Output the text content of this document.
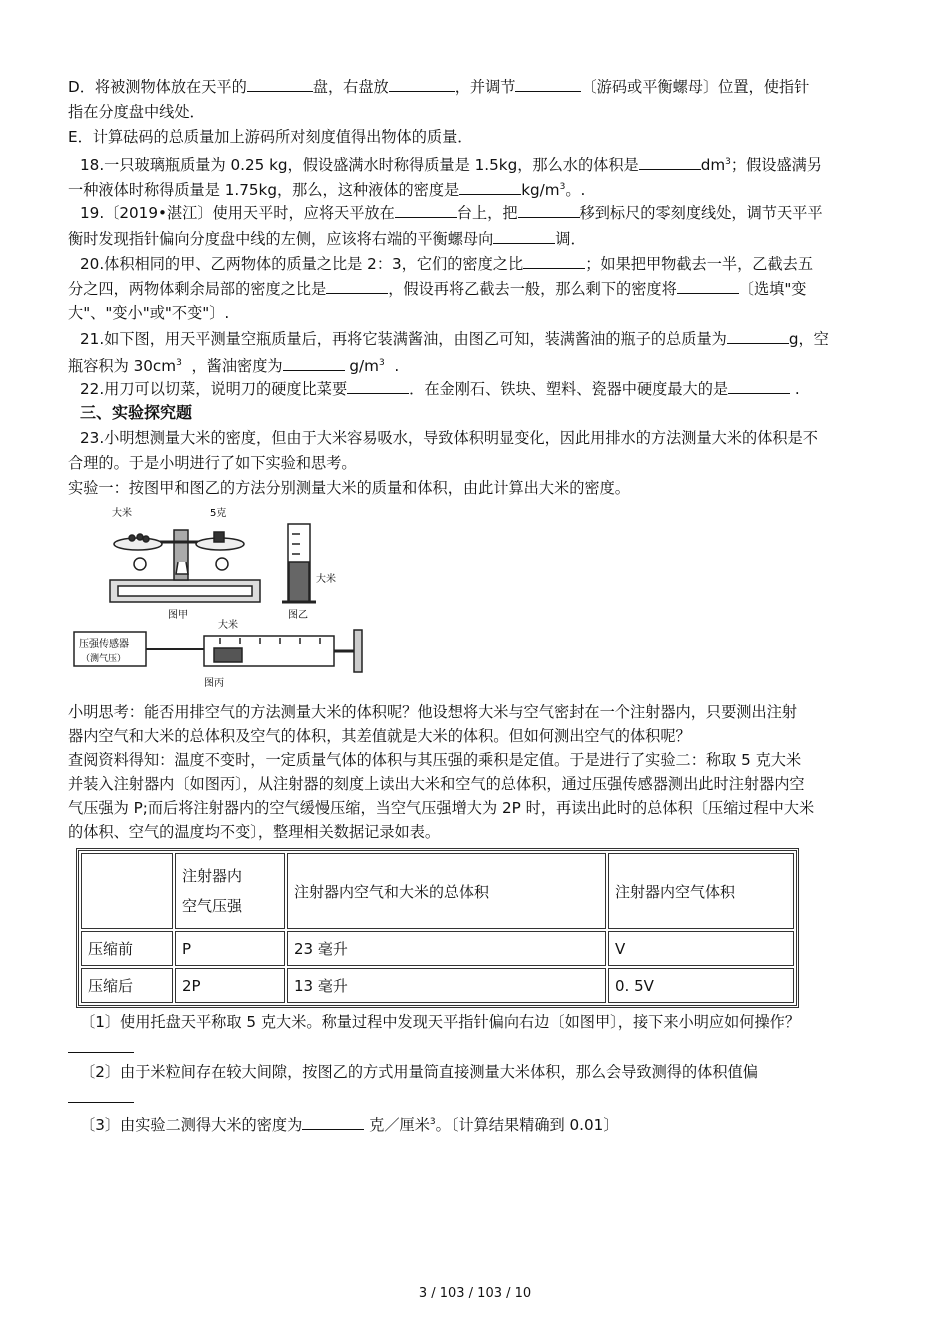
D．将被测物体放在天平的	盘，右盘放	，并调节	〔游码或平衡螺母〕位置，使指针
指在分度盘中线处．
E．计算砝码的总质量加上游码所对刻度值得出物体的质量．
18.一只玻璃瓶质量为 0.25 kg，假设盛满水时称得质量是 1.5kg，那么水的体积是	$dm^3$；假设盛满另
一种液体时称得质量是 1.75kg，那么，这种液体的密度是	$kg/m^3$。.
19.〔2019•湛江〕使用天平时，应将天平放在	台上，把	移到标尺的零刻度线处，调节天平平
衡时发现指针偏向分度盘中线的左侧，应该将右端的平衡螺母向	调．
20.体积相同的甲、乙两物体的质量之比是 2：3，它们的密度之比	；如果把甲物截去一半，乙截去五
分之四，两物体剩余局部的密度之比是	，假设再将乙截去一般，那么剩下的密度将	〔选填"变
大"、"变小"或"不变"〕.
21.如下图，用天平测量空瓶质量后，再将它装满酱油，由图乙可知，装满酱油的瓶子的总质量为	g，空
瓶容积为 $30cm^3$ ，酱油密度为	$g/m^3$ .
22.用刀可以切菜，说明刀的硬度比菜要	．在金刚石、铁块、塑料、瓷器中硬度最大的是	.
三、实验探究题
23.小明想测量大米的密度，但由于大米容易吸水，导致体积明显变化，因此用排水的方法测量大米的体积是不
合理的。于是小明进行了如下实验和思考。
实验一：按图甲和图乙的方法分别测量大米的质量和体积，由此计算出大米的密度。
大米	5克
图甲
大米
图乙
压强传感器
（测气压）
大米
图丙
小明思考：能否用排空气的方法测量大米的体积呢？他设想将大米与空气密封在一个注射器内，只要测出注射
器内空气和大米的总体积及空气的体积，其差值就是大米的体积。但如何测出空气的体积呢？
查阅资料得知：温度不变时，一定质量气体的体积与其压强的乘积是定值。于是进行了实验二：称取 5 克大米
并装入注射器内〔如图丙〕，从注射器的刻度上读出大米和空气的总体积，通过压强传感器测出此时注射器内空
气压强为 P;而后将注射器内的空气缓慢压缩，当空气压强增大为 2P 时，再读出此时的总体积〔压缩过程中大米
的体积、空气的温度均不变〕，整理相关数据记录如表。

	注射器内
空气压强	注射器内空气和大米的总体积	注射器内空气体积
压缩前	P	23 毫升	V
压缩后	2P	13 毫升	0. 5V
〔1〕使用托盘天平称取 5 克大米。称量过程中发现天平指针偏向右边〔如图甲〕，接下来小明应如何操作？
〔2〕由于米粒间存在较大间隙，按图乙的方式用量筒直接测量大米体积，那么会导致测得的体积值偏
〔3〕由实验二测得大米的密度为	克／厘米$^3$。〔计算结果精确到 0.01〕
3 / 103 / 103 / 10
